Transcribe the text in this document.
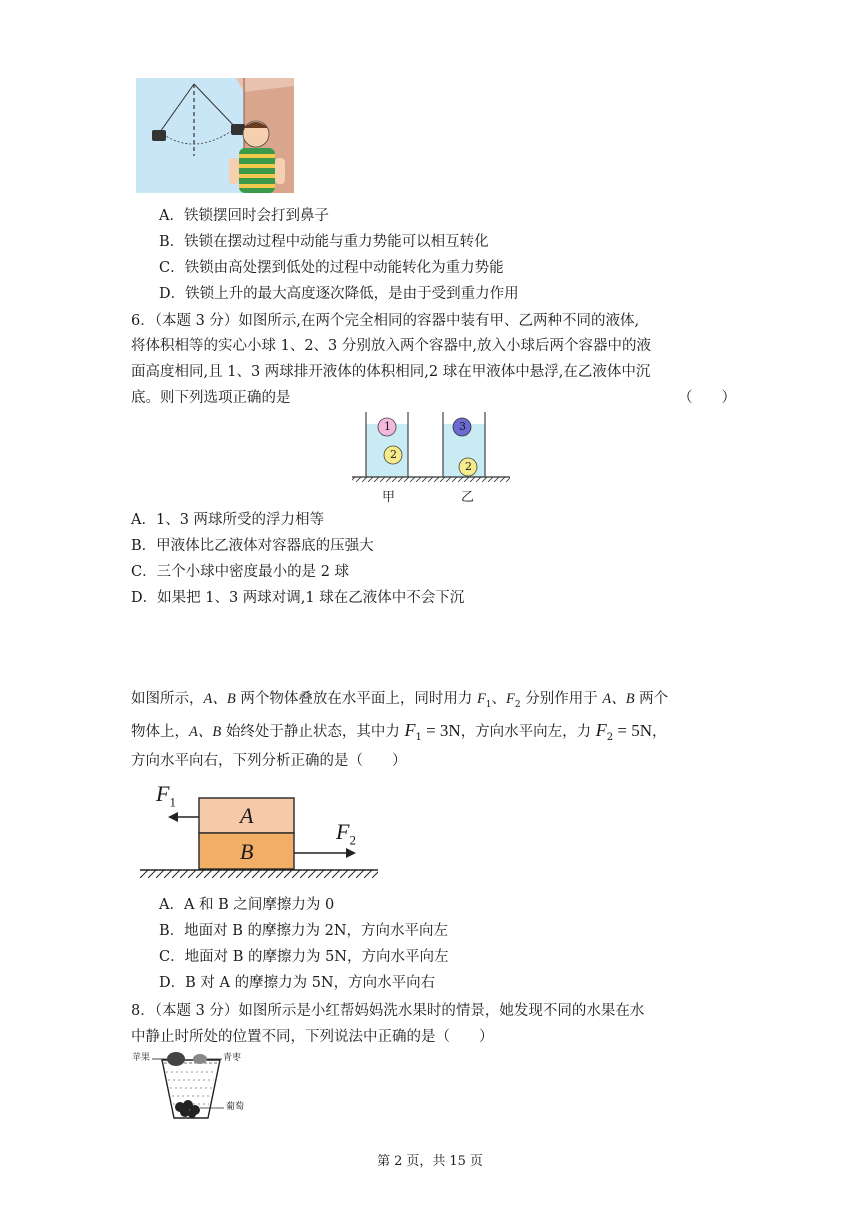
A．铁锁摆回时会打到鼻子
B．铁锁在摆动过程中动能与重力势能可以相互转化
C．铁锁由高处摆到低处的过程中动能转化为重力势能
D．铁锁上升的最大高度逐次降低，是由于受到重力作用
6．（本题 3 分）如图所示,在两个完全相同的容器中装有甲、乙两种不同的液体,
将体积相等的实心小球 1、2、3 分别放入两个容器中,放入小球后两个容器中的液
面高度相同,且 1、3 两球排开液体的体积相同,2 球在甲液体中悬浮,在乙液体中沉
底。则下列选项正确的是	（　　）
1
2
3
2
甲	乙
A．1、3 两球所受的浮力相等
B．甲液体比乙液体对容器底的压强大
C．三个小球中密度最小的是 2 球
D．如果把 1、3 两球对调,1 球在乙液体中不会下沉
如图所示，A、B 两个物体叠放在水平面上，同时用力 $F_1$、$F_2$ 分别作用于 A、B 两个
物体上，A、B 始终处于静止状态，其中力 $F_1 = 3N$，方向水平向左，力 $F_2 = 5N$，
方向水平向右，下列分析正确的是（　　）
A
B
$F_1$
$F_2$
A．A 和 B 之间摩擦力为 0
B．地面对 B 的摩擦力为 2N，方向水平向左
C．地面对 B 的摩擦力为 5N，方向水平向左
D．B 对 A 的摩擦力为 5N，方向水平向右
8．（本题 3 分）如图所示是小红帮妈妈洗水果时的情景，她发现不同的水果在水
中静止时所处的位置不同，下列说法中正确的是（　　）
苹果	青枣
葡萄
第 2 页，共 15 页
